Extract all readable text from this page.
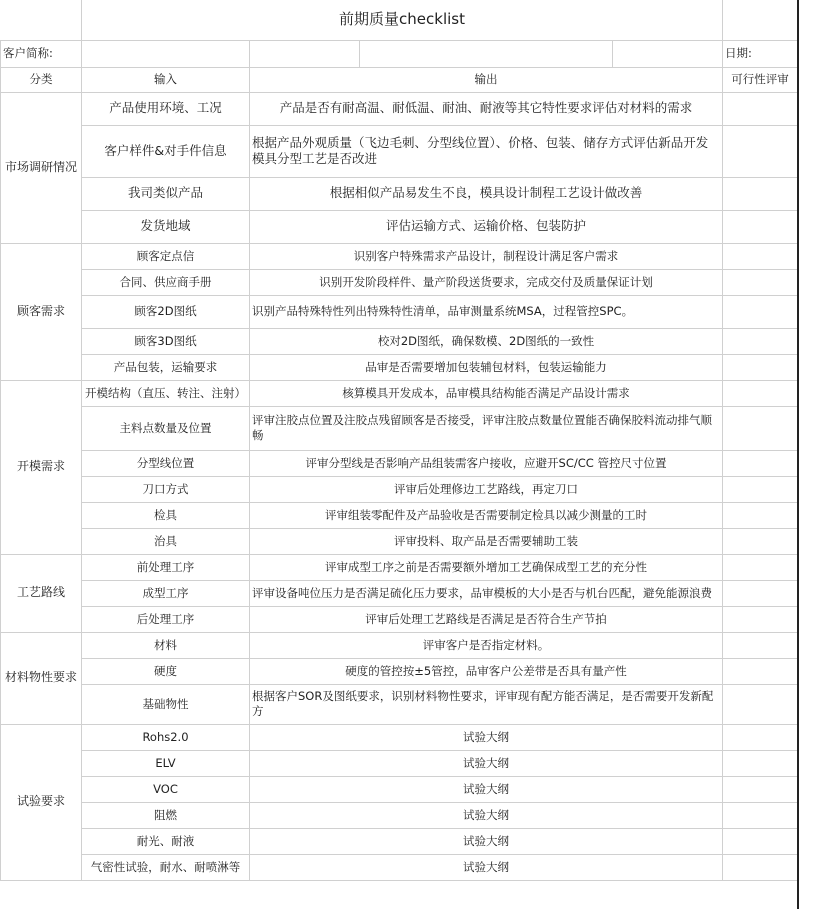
	前期质量checklist				
客户简称:					日期:
分类	输入	输出			可行性评审
市场调研情况	产品使用环境、工况	产品是否有耐高温、耐低温、耐油、耐液等其它特性要求评估对材料的需求			
	客户样件&对手件信息	根据产品外观质量（飞边毛刺、分型线位置）、价格、包装、储存方式评估新品开发模具分型工艺是否改进			
	我司类似产品	根据相似产品易发生不良，模具设计制程工艺设计做改善			
	发货地域	评估运输方式、运输价格、包装防护			
顾客需求	顾客定点信	识别客户特殊需求产品设计，制程设计满足客户需求			
	合同、供应商手册	识别开发阶段样件、量产阶段送货要求，完成交付及质量保证计划			
	顾客2D图纸	识别产品特殊特性列出特殊特性清单，品审测量系统MSA，过程管控SPC。			
	顾客3D图纸	校对2D图纸，确保数模、2D图纸的一致性			
	产品包装，运输要求	品审是否需要增加包装辅包材料，包装运输能力			
开模需求	开模结构（直压、转注、注射）	核算模具开发成本，品审模具结构能否满足产品设计需求			
	主料点数量及位置	评审注胶点位置及注胶点残留顾客是否接受，评审注胶点数量位置能否确保胶料流动排气顺畅			
	分型线位置	评审分型线是否影响产品组装需客户接收，应避开SC/CC 管控尺寸位置			
	刀口方式	评审后处理修边工艺路线，再定刀口			
	检具	评审组装零配件及产品验收是否需要制定检具以减少测量的工时			
	治具	评审投料、取产品是否需要辅助工装			
工艺路线	前处理工序	评审成型工序之前是否需要额外增加工艺确保成型工艺的充分性			
	成型工序	评审设备吨位压力是否满足硫化压力要求，品审模板的大小是否与机台匹配，避免能源浪费			
	后处理工序	评审后处理工艺路线是否满足是否符合生产节拍			
材料物性要求	材料	评审客户是否指定材料。			
	硬度	硬度的管控按±5管控，品审客户公差带是否具有量产性			
	基础物性	根据客户SOR及图纸要求，识别材料物性要求，评审现有配方能否满足，是否需要开发新配方			
试验要求	Rohs2.0	试验大纲			
	ELV	试验大纲			
	VOC	试验大纲			
	阻燃	试验大纲			
	耐光、耐液	试验大纲			
	气密性试验，耐水、耐喷淋等	试验大纲			
